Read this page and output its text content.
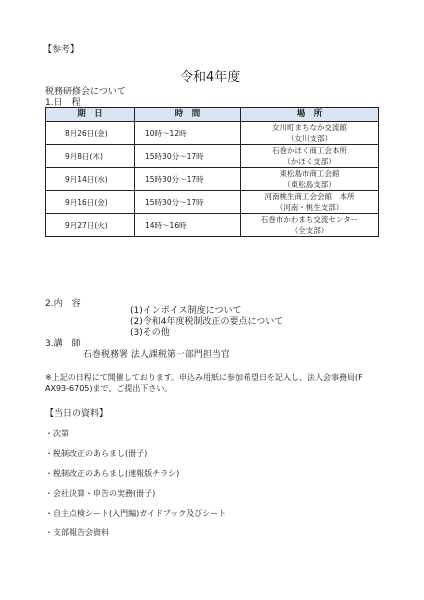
【参考】
令和4年度
税務研修会について
1.日　程
期　日	時　間	場　所
8月26日(金)	10時～12時	女川町まちなか交流館
（女川支部）

9月8日(木)	15時30分～17時	石巻かほく商工会本所
（かほく支部）

9月14日(水)	15時30分～17時	東松島市商工会館
（東松島支部）

9月16日(金)	15時30分～17時	河南桃生商工会会館　本所
（河南・桃生支部）

9月27日(火)	14時～16時	石巻市かわまち交流センター
（全支部）
2.内　容
(1)インボイス制度について
(2)令和4年度税制改正の要点について
(3)その他
3.講　師
石巻税務署 法人課税第一部門担当官
※上記の日程にて開催しております。申込み用紙に参加希望日を記入し、法人会事務局(F
AX93-6705)まで、ご提出下さい。
【当日の資料】
・次第
・税制改正のあらまし(冊子)
・税制改正のあらまし(速報版チラシ)
・会社決算・申告の実務(冊子)
・自主点検シート(入門編)ガイドブック及びシート
・支部報告会資料
